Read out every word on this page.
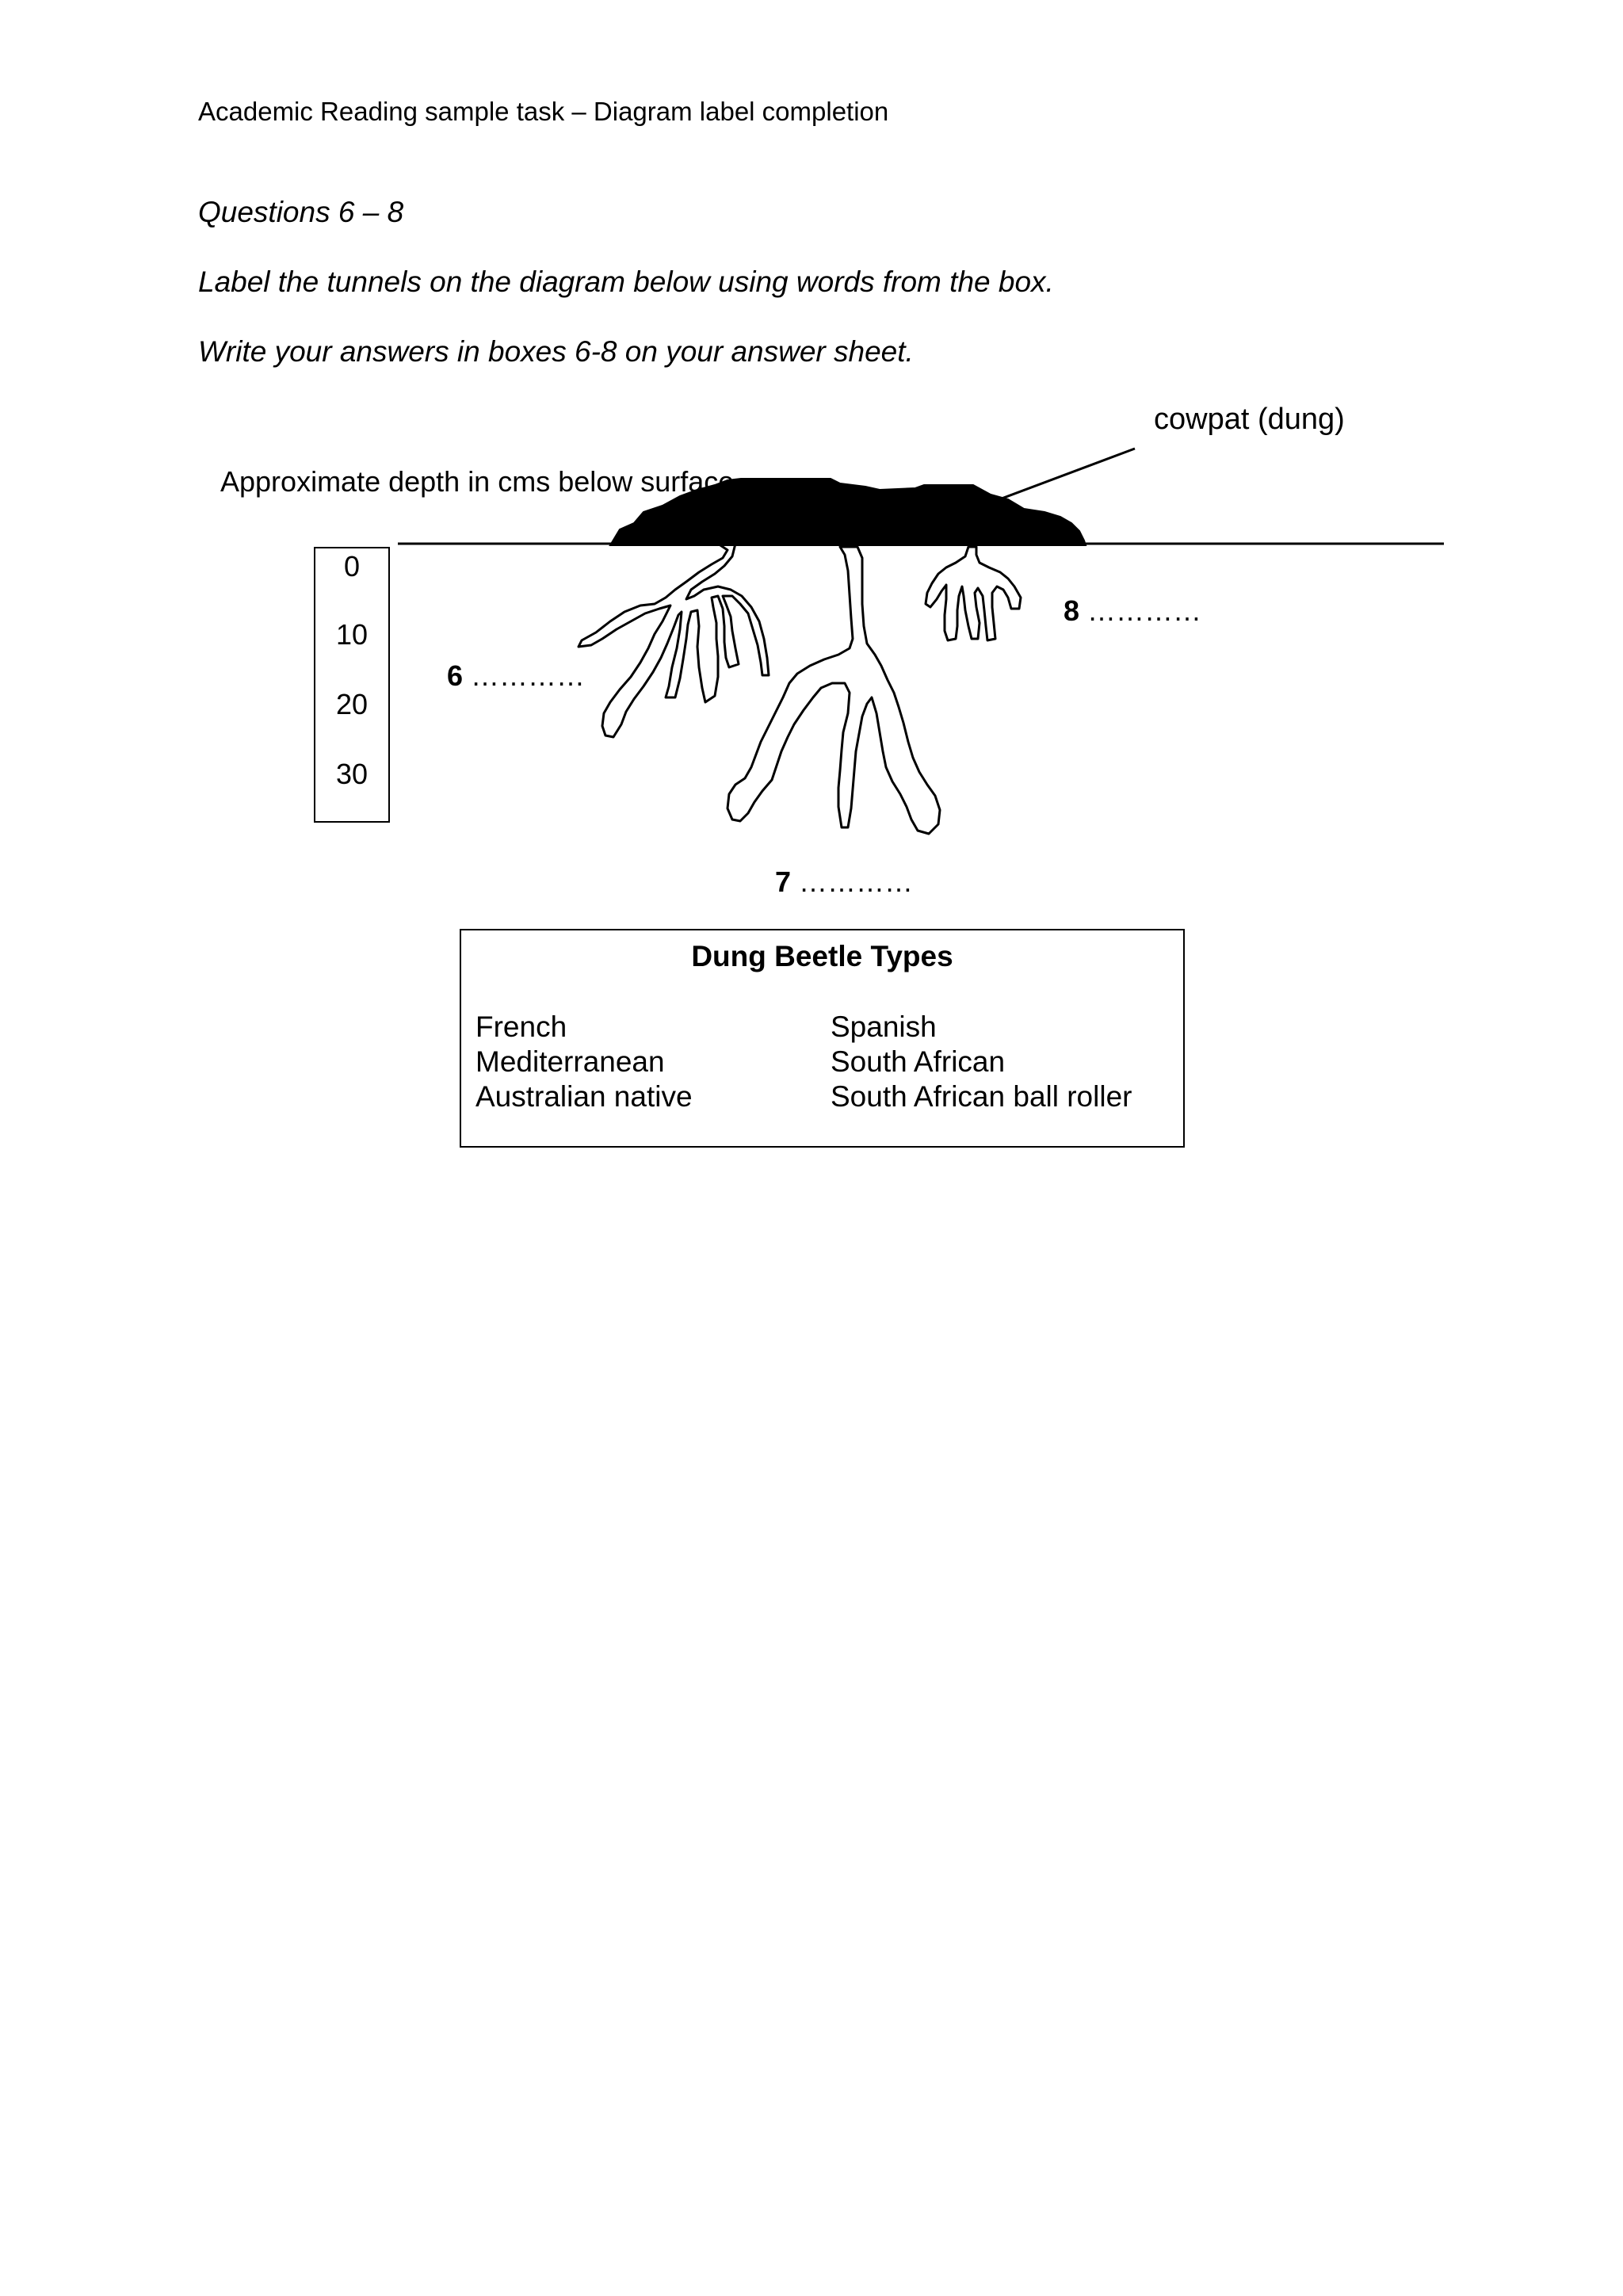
Academic Reading sample task – Diagram label completion
Questions 6 – 8
Label the tunnels on the diagram below using words from the box.
Write your answers in boxes 6-8 on your answer sheet.
Approximate depth in cms below surface
0
10
20
30
cowpat (dung)
6 …………
7 …………
8 …………
Dung Beetle Types
French
Mediterranean
Australian native
Spanish
South African
South African ball roller
